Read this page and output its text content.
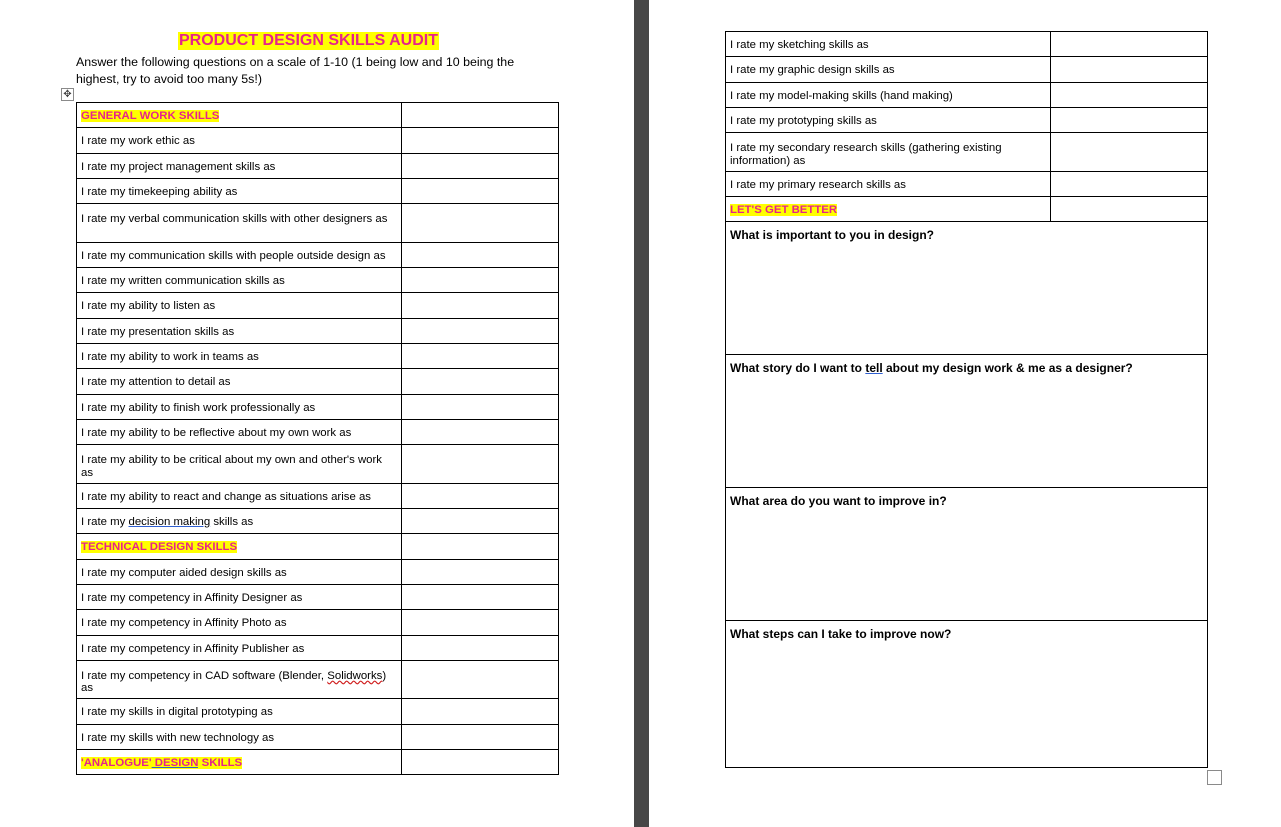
PRODUCT DESIGN SKILLS AUDIT
Answer the following questions on a scale of 1-10 (1 being low and 10 being the highest, try to avoid too many 5s!)
✥
GENERAL WORK SKILLS	
I rate my work ethic as	
I rate my project management skills as	
I rate my timekeeping ability as	
I rate my verbal communication skills with other designers as	
I rate my communication skills with people outside design as	
I rate my written communication skills as	
I rate my ability to listen as	
I rate my presentation skills as	
I rate my ability to work in teams as	
I rate my attention to detail as	
I rate my ability to finish work professionally as	
I rate my ability to be reflective about my own work as	
I rate my ability to be critical about my own and other's work as	
I rate my ability to react and change as situations arise as	
I rate my decision making skills as	
TECHNICAL DESIGN SKILLS	
I rate my computer aided design skills as	
I rate my competency in Affinity Designer as	
I rate my competency in Affinity Photo as	
I rate my competency in Affinity Publisher as	
I rate my competency in CAD software (Blender, Solidworks) as	
I rate my skills in digital prototyping as	
I rate my skills with new technology as	
'ANALOGUE' DESIGN SKILLS	
I rate my sketching skills as	
I rate my graphic design skills as	
I rate my model-making skills (hand making)	
I rate my prototyping skills as	
I rate my secondary research skills (gathering existing information) as	
I rate my primary research skills as	
LET'S GET BETTER	
What is important to you in design?	
What story do I want to tell about my design work & me as a designer?	
What area do you want to improve in?	
What steps can I take to improve now?	
